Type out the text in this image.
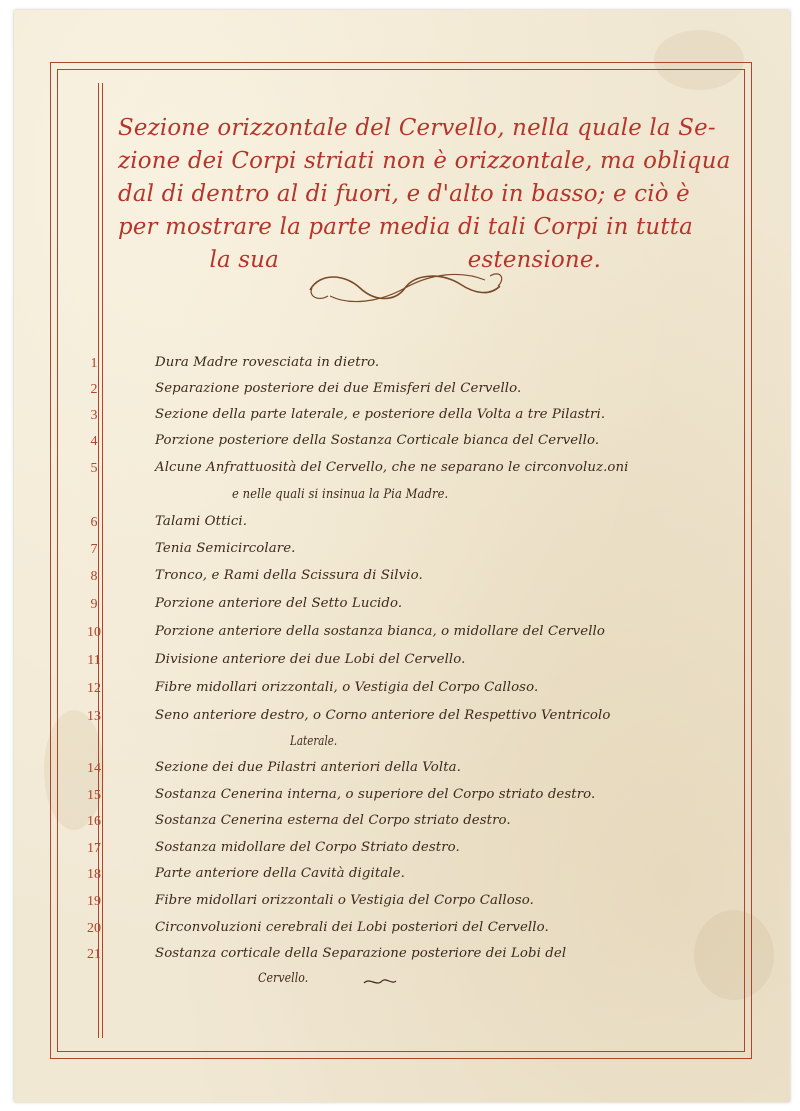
Sezione orizzontale del Cervello, nella quale la Se-
zione dei Corpi striati non è orizzontale, ma obliqua
dal di dentro al di fuori, e d'alto in basso; e ciò è
per mostrare la parte media di tali Corpi in tutta
la sua	estensione.
1	Dura Madre rovesciata in dietro.
2	Separazione posteriore dei due Emisferi del Cervello.
3	Sezione della parte laterale, e posteriore della Volta a tre Pilastri.
4	Porzione posteriore della Sostanza Corticale bianca del Cervello.
5	Alcune Anfrattuosità del Cervello, che ne separano le circonvoluz.oni
e nelle quali si insinua la Pia Madre.
6	Talami Ottici.
7	Tenia Semicircolare.
8	Tronco, e Rami della Scissura di Silvio.
9	Porzione anteriore del Setto Lucido.
10	Porzione anteriore della sostanza bianca, o midollare del Cervello
11	Divisione anteriore dei due Lobi del Cervello.
12	Fibre midollari orizzontali, o Vestigia del Corpo Calloso.
13	Seno anteriore destro, o Corno anteriore del Respettivo Ventricolo
Laterale.
14	Sezione dei due Pilastri anteriori della Volta.
15	Sostanza Cenerina interna, o superiore del Corpo striato destro.
16	Sostanza Cenerina esterna del Corpo striato destro.
17	Sostanza midollare del Corpo Striato destro.
18	Parte anteriore della Cavità digitale.
19	Fibre midollari orizzontali o Vestigia del Corpo Calloso.
20	Circonvoluzioni cerebrali dei Lobi posteriori del Cervello.
21	Sostanza corticale della Separazione posteriore dei Lobi del
Cervello.
